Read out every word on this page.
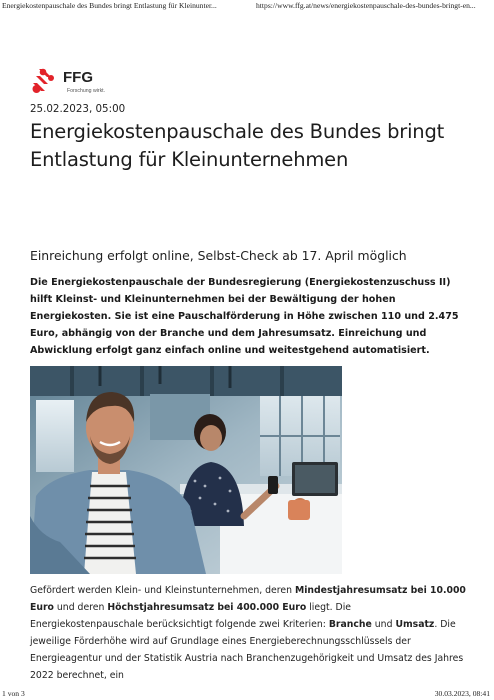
Energiekostenpauschale des Bundes bringt Entlastung für Kleinunter...	https://www.ffg.at/news/energiekostenpauschale-des-bundes-bringt-en...
FFG
Forschung wirkt.
25.02.2023, 05:00
Energiekostenpauschale des Bundes bringt Entlastung für Kleinunternehmen
Einreichung erfolgt online, Selbst-Check ab 17. April möglich

Die Energiekostenpauschale der Bundesregierung (Energiekostenzuschuss II) hilft Kleinst- und Kleinunternehmen bei der Bewältigung der hohen Energiekosten. Sie ist eine Pauschalförderung in Höhe zwischen 110 und 2.475 Euro, abhängig von der Branche und dem Jahresumsatz. Einreichung und Abwicklung erfolgt ganz einfach online und weitestgehend automatisiert.

Gefördert werden Klein- und Kleinstunternehmen, deren Mindestjahresumsatz bei 10.000 Euro und deren Höchstjahresumsatz bei 400.000 Euro liegt. Die Energiekostenpauschale berücksichtigt folgende zwei Kriterien: Branche und Umsatz. Die jeweilige Förderhöhe wird auf Grundlage eines Energieberechnungsschlüssels der Energieagentur und der Statistik Austria nach Branchenzugehörigkeit und Umsatz des Jahres 2022 berechnet, ein

1 von 3	30.03.2023, 08:41
